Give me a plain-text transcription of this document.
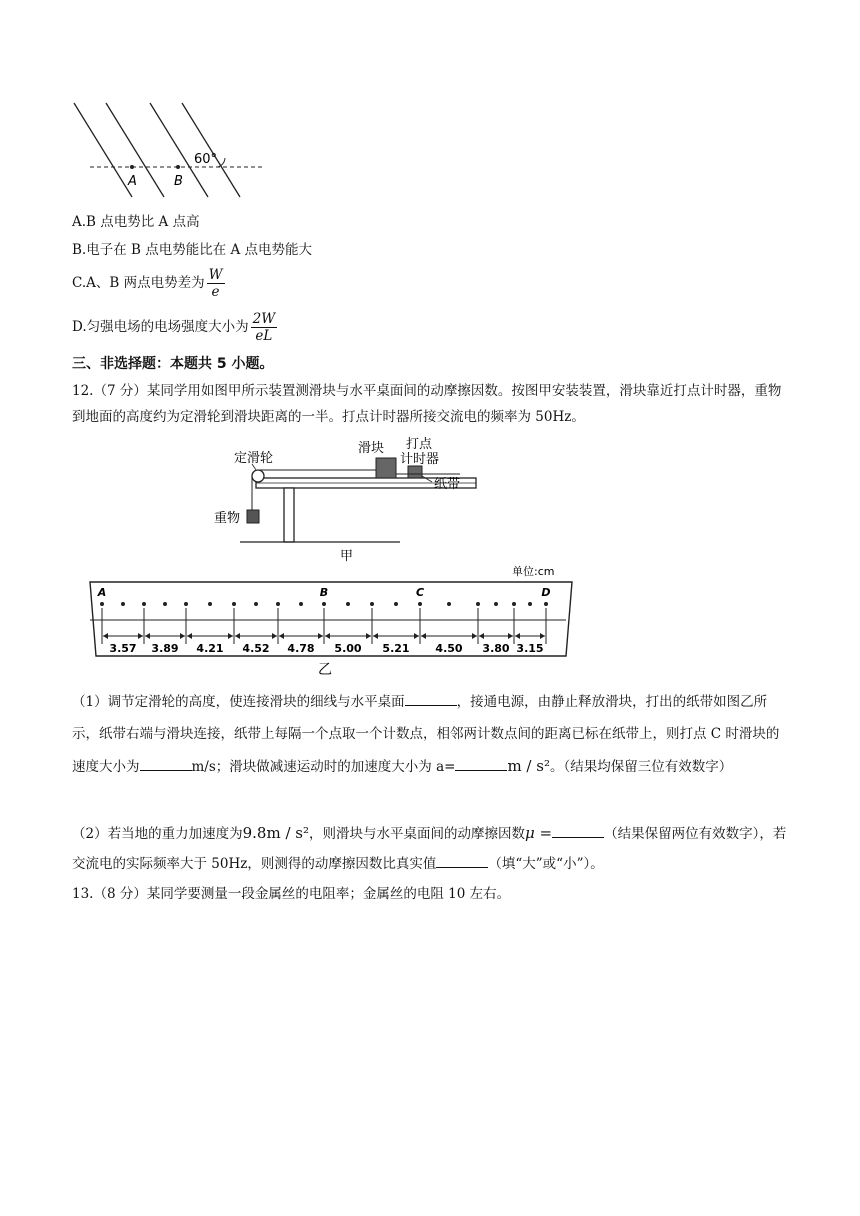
60°
A	B
A.B 点电势比 A 点高
B.电子在 B 点电势能比在 A 点电势能大
C.A、B 两点电势差为 $\frac{W}{e}$
D.匀强电场的电场强度大小为 $\frac{2W}{eL}$
三、非选择题：本题共 5 小题。
12.（7 分）某同学用如图甲所示装置测滑块与水平桌面间的动摩擦因数。按图甲安装装置，滑块靠近打点计时器，重物到地面的高度约为定滑轮到滑块距离的一半。打点计时器所接交流电的频率为 50Hz。
定滑轮
滑块 打点
计时器
纸带
重物
甲
单位:cm
3.57 3.89 4.21 4.52 4.78 5.00 5.21 4.50 3.80 3.15
A	B	C	D
乙
（1）调节定滑轮的高度，使连接滑块的细线与水平桌面	，接通电源，由静止释放滑块，打出的纸带如图乙所示，纸带右端与滑块连接，纸带上每隔一个点取一个计数点，相邻两计数点间的距离已标在纸带上，则打点 C 时滑块的速度大小为	m/s；滑块做减速运动时的加速度大小为 a=	m / s²。（结果均保留三位有效数字）
（2）若当地的重力加速度为9.8m / s²，则滑块与水平桌面间的动摩擦因数μ =	（结果保留两位有效数字），若交流电的实际频率大于 50Hz，则测得的动摩擦因数比真实值	（填“大”或“小”）。
13.（8 分）某同学要测量一段金属丝的电阻率；金属丝的电阻 10 左右。
